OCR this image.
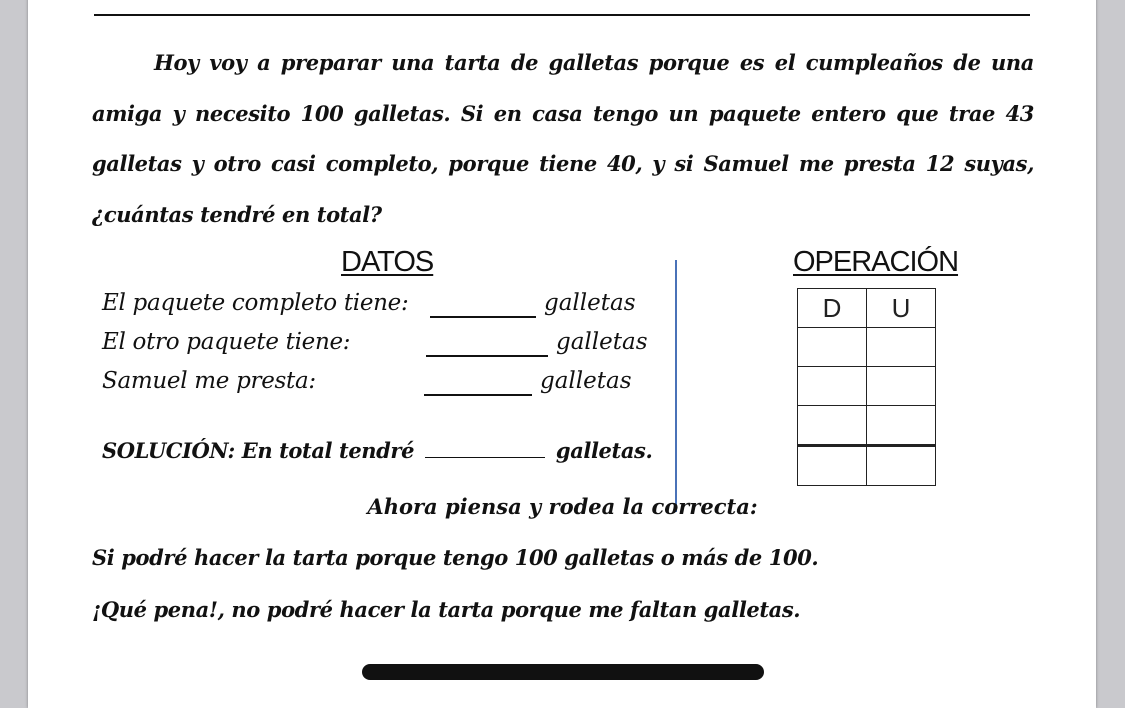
Hoy voy a preparar una tarta de galletas porque es el cumpleaños de una amiga y necesito 100 galletas. Si en casa tengo un paquete entero que trae 43 galletas y otro casi completo, porque tiene 40, y si Samuel me presta 12 suyas, ¿cuántas tendré en total?
DATOS	OPERACIÓN
El paquete completo tiene:	galletas
El otro paquete tiene:	galletas
Samuel me presta:	galletas
SOLUCIÓN: En total tendré	galletas.
D	U

Ahora piensa y rodea la correcta:
Si podré hacer la tarta porque tengo 100 galletas o más de 100.
¡Qué pena!, no podré hacer la tarta porque me faltan galletas.
